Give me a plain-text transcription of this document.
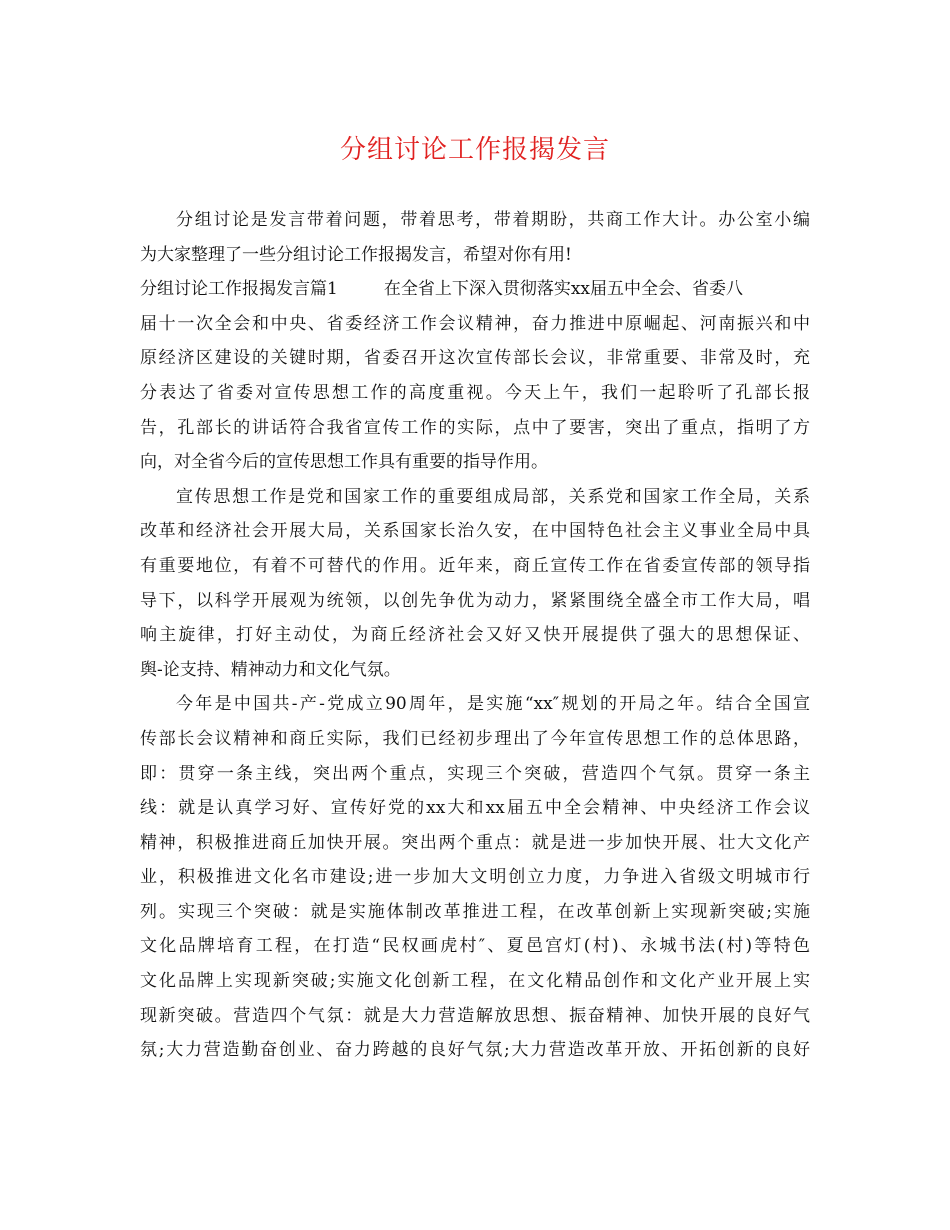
分组讨论工作报揭发言
分组讨论是发言带着问题，带着思考，带着期盼，共商工作大计。办公室小编
为大家整理了一些分组讨论工作报揭发言，希望对你有用!
分组讨论工作报揭发言篇1	在全省上下深入贯彻落实xx届五中全会、省委八
届十一次全会和中央、省委经济工作会议精神，奋力推进中原崛起、河南振兴和中
原经济区建设的关键时期，省委召开这次宣传部长会议，非常重要、非常及时，充
分表达了省委对宣传思想工作的高度重视。今天上午，我们一起聆听了孔部长报
告，孔部长的讲话符合我省宣传工作的实际，点中了要害，突出了重点，指明了方
向，对全省今后的宣传思想工作具有重要的指导作用。
宣传思想工作是党和国家工作的重要组成局部，关系党和国家工作全局，关系
改革和经济社会开展大局，关系国家长治久安，在中国特色社会主义事业全局中具
有重要地位，有着不可替代的作用。近年来，商丘宣传工作在省委宣传部的领导指
导下，以科学开展观为统领，以创先争优为动力，紧紧围绕全盛全市工作大局，唱
响主旋律，打好主动仗，为商丘经济社会又好又快开展提供了强大的思想保证、
舆-论支持、精神动力和文化气氛。
今年是中国共-产-党成立90周年，是实施“xx″规划的开局之年。结合全国宣
传部长会议精神和商丘实际，我们已经初步理出了今年宣传思想工作的总体思路，
即：贯穿一条主线，突出两个重点，实现三个突破，营造四个气氛。贯穿一条主
线：就是认真学习好、宣传好党的xx大和xx届五中全会精神、中央经济工作会议
精神，积极推进商丘加快开展。突出两个重点：就是进一步加快开展、壮大文化产
业，积极推进文化名市建设;进一步加大文明创立力度，力争进入省级文明城市行
列。实现三个突破：就是实施体制改革推进工程，在改革创新上实现新突破;实施
文化品牌培育工程，在打造“民权画虎村″、夏邑宫灯(村)、永城书法(村)等特色
文化品牌上实现新突破;实施文化创新工程，在文化精品创作和文化产业开展上实
现新突破。营造四个气氛：就是大力营造解放思想、振奋精神、加快开展的良好气
氛;大力营造勤奋创业、奋力跨越的良好气氛;大力营造改革开放、开拓创新的良好
